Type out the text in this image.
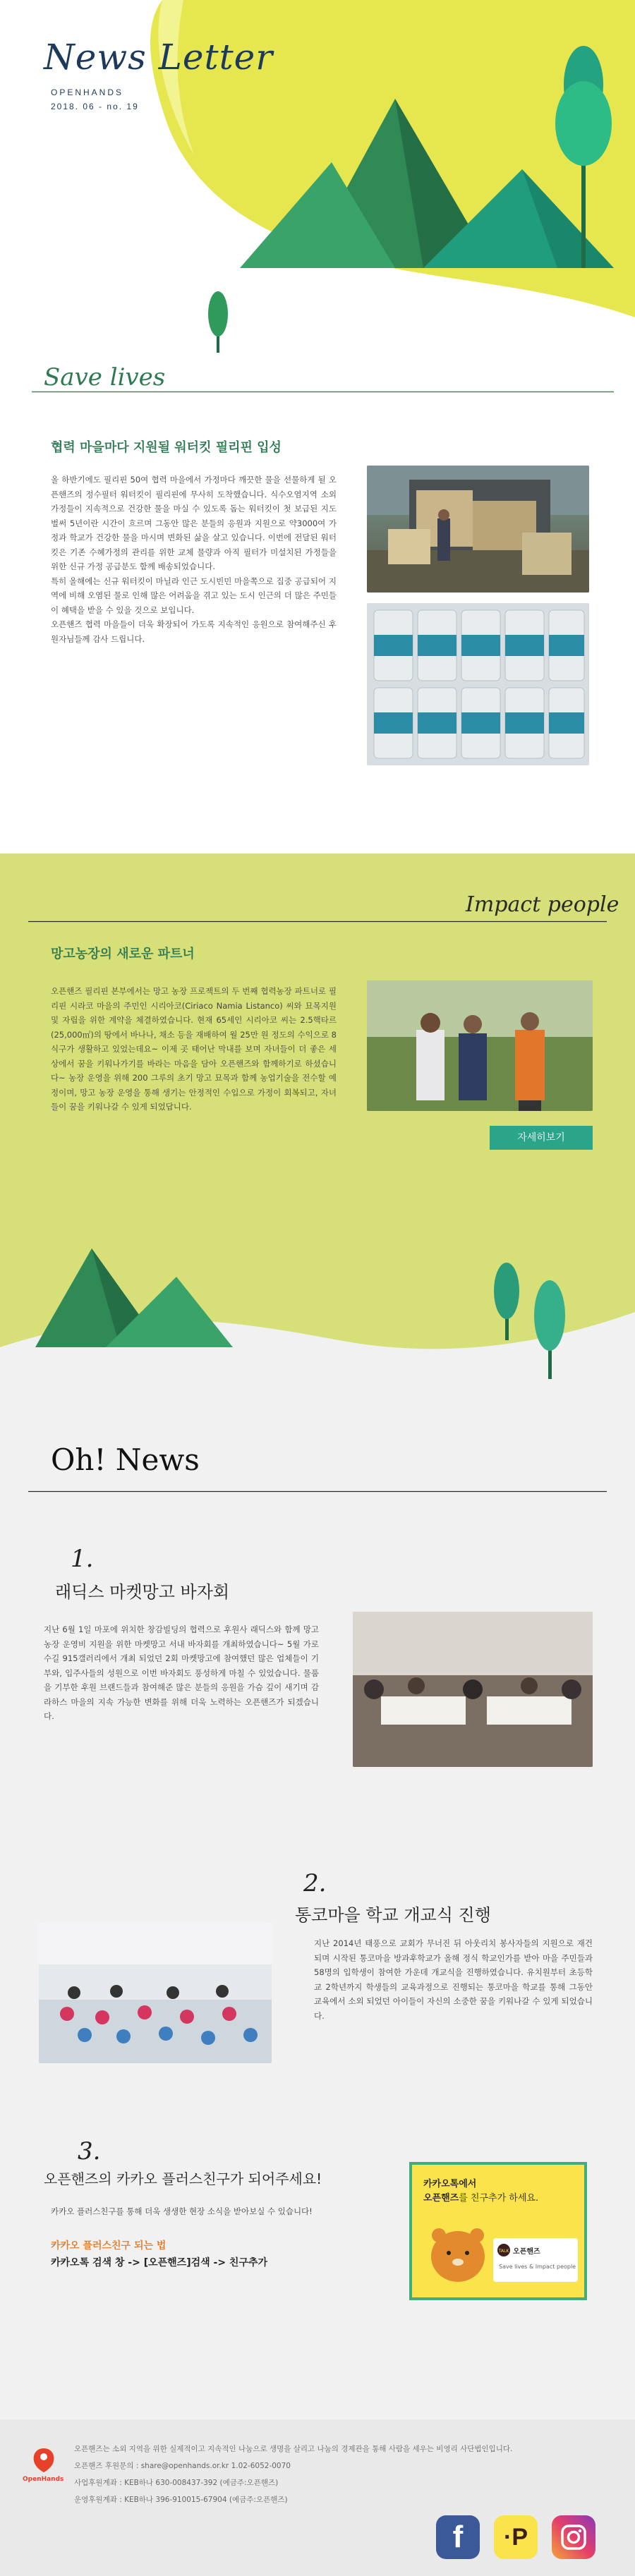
News Letter
OPENHANDS
2018. 06 - no. 19
Save lives
협력 마을마다 지원될 워터킷 필리핀 입성

올 하반기에도 필리핀 50여 협력 마을에서 가정마다 깨끗한 물을 선물하게 될 오픈핸즈의 정수필터 워터킷이 필리핀에 무사히 도착했습니다. 식수오염지역 소외가정들이 지속적으로 건강한 물을 마실 수 있도록 돕는 워터킷이 첫 보급된 지도 벌써 5년이란 시간이 흐르며 그동안 많은 분들의 응원과 지원으로 약3000여 가정과 학교가 건강한 물을 마시며 변화된 삶을 살고 있습니다. 이번에 전달된 워터킷은 기존 수혜가정의 관리를 위한 교체 물량과 아직 필터가 미설치된 가정들을 위한 신규 가정 공급분도 함께 배송되었습니다.

특히 올해에는 신규 워터킷이 마닐라 인근 도시빈민 마을쪽으로 집중 공급되어 지역에 비해 오염된 물로 인해 많은 어려움을 겪고 있는 도시 인근의 더 많은 주민들이 혜택을 받을 수 있을 것으로 보입니다.

오픈핸즈 협력 마을들이 더욱 확장되어 가도록 지속적인 응원으로 참여해주신 후원자님들께 감사 드립니다.

Impact people
망고농장의 새로운 파트너
오픈핸즈 필리핀 본부에서는 망고 농장 프로젝트의 두 번째 협력농장 파트너로 필리핀 시라코 마을의 주민인 시리아코(Ciriaco Namia Listanco) 씨와 묘목지원 및 자립을 위한 계약을 체결하였습니다. 현재 65세인 시리아코 씨는 2.5핵타르 (25,000㎡)의 땅에서 바나나, 채소 등을 재배하여 월 25만 원 정도의 수익으로 8식구가 생활하고 있었는데요~ 이제 곳 태어난 막내를 보며 자녀들이 더 좋은 세상에서 꿈을 키워나가기를 바라는 마음을 담아 오픈핸즈와 함께하기로 하셨습니다~ 농장 운영을 위해 200 그루의 초기 망고 묘목과 함께 농업기술을 전수할 예정이며, 망고 농장 운영을 통해 생기는 안정적인 수입으로 가정이 회복되고, 자녀들이 꿈을 키워나갈 수 있게 되었답니다.
자세히보기
Oh! News
1.
래딕스 마켓망고 바자회
지난 6월 1일 마포에 위치한 창감빌딩의 협력으로 후원사 래딕스와 함께 망고농장 운영비 지원을 위한 마켓망고 서내 바자회를 개최하였습니다~ 5월 가로수길 915갤러리에서 개최 되었던 2회 마켓망고에 참여했던 많은 업체들이 기부와, 입주사들의 성원으로 이번 바자회도 풍성하게 마칠 수 있었습니다. 물품을 기부한 후원 브랜드들과 참여해준 많은 분들의 응원을 가슴 깊이 새기며 감라하스 마을의 지속 가능한 변화를 위해 더욱 노력하는 오픈핸즈가 되겠습니다.
2.
통코마을 학교 개교식 진행
지난 2014년 태풍으로 교회가 무너진 뒤 아웃리치 봉사자들의 지원으로 재건되며 시작된 통코마을 방과후학교가 올해 정식 학교인가를 받아 마을 주민들과 58명의 입학생이 참여한 가운데 개교식을 진행하였습니다. 유치원부터 초등학교 2학년까지 학생들의 교육과정으로 진행되는 통코마을 학교를 통해 그동안 교육에서 소외 되었던 아이들이 자신의 소중한 꿈을 키워나갈 수 있게 되었습니다.
3.
오픈핸즈의 카카오 플러스친구가 되어주세요!
카카오 플러스친구를 통해 더욱 생생한 현장 소식을 받아보실 수 있습니다!
카카오 플러스친구 되는 법
카카오톡 검색 창 -> [오픈핸즈]검색 -> 친구추가
카카오톡에서
오픈핸즈를 친구추가 하세요.
오픈핸즈
TALK
Save lives & Impact people
OpenHands
오픈핸즈는 소외 지역을 위한 실제적이고 지속적인 나눔으로 생명을 살리고 나눔의 경제관을 통해 사람을 세우는 비영리 사단법인입니다.
오픈핸즈 후원문의 : share@openhands.or.kr 1.02-6052-0070
사업후원계좌 : KEB하나 630-008437-392 (예금주:오픈핸즈)
운영후원계좌 : KEB하나 396-910015-67904 (예금주:오픈핸즈)
f	·P
